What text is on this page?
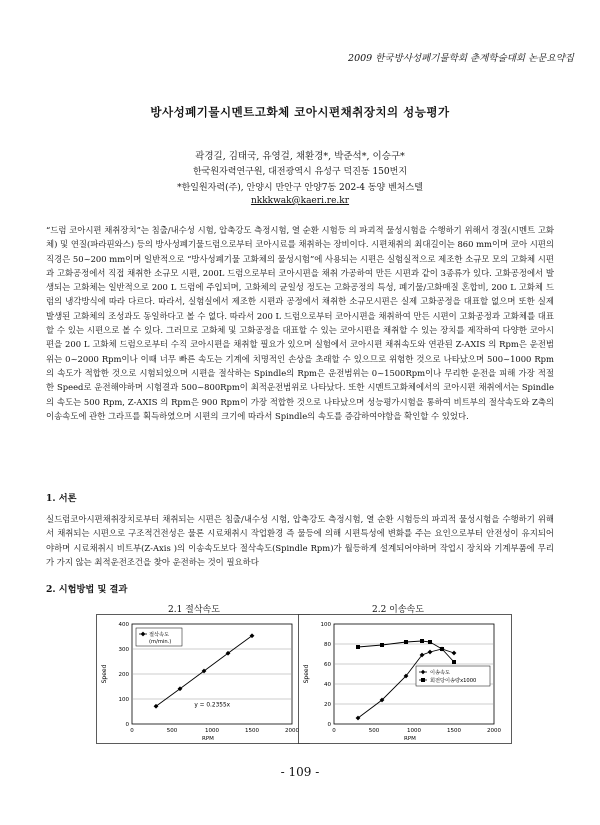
2009 한국방사성폐기물학회 춘계학술대회 논문요약집
방사성폐기물시멘트고화체 코아시편채취장치의 성능평가
곽경길, 김태국, 유영걸, 채환경*, 박준석*, 이승구*
한국원자력연구원, 대전광역시 유성구 덕진동 150번지
*한일원자력(주), 안양시 만안구 안양7동 202-4 동양 벤처스텔
nkkkwak@kaeri.re.kr

“드럼 코아시편 채취장치”는 침출/내수성 시험, 압축강도 측정시험, 열 순환 시험등 의 파괴적 물성시험을 수행하기 위해서 경질(시멘트 고화체) 및 연질(파라핀와스) 등의 방사성폐기물드럼으로부터 코아시료를 채취하는 장비이다. 시편채취의 최대길이는 860 mm이며 코아 시편의 직경은 50~200 mm이며 일반적으로 “방사성폐기물 고화체의 물성시험”에 사용되는 시편은 실험실적으로 제조한 소규모 모의 고화체 시편과 고화공정에서 직접 채취한 소규모 시편, 200L 드럼으로부터 코아시편을 채취 가공하여 만든 시편과 같이 3종류가 있다. 고화공정에서 발생되는 고화체는 일반적으로 200 L 드럼에 주입되며, 고화체의 균일성 정도는 고화공정의 특성, 폐기물/고화매질 혼합비, 200 L 고화체 드럼의 냉각방식에 따라 다르다. 따라서, 실험실에서 제조한 시편과 공정에서 채취한 소규모시편은 실제 고화공정을 대표할 없으며 또한 실제 발생된 고화체의 조성과도 동일하다고 볼 수 없다. 따라서 200 L 드럼으로부터 코아시편을 채취하여 만든 시편이 고화공정과 고화체를 대표할 수 있는 시편으로 볼 수 있다. 그러므로 고화체 및 고화공정을 대표할 수 있는 코아시편을 채취할 수 있는 장치를 제작하여 다양한 코아시편을 200 L 고화체 드럼으로부터 수직 코아시편을 채취할 필요가 있으며 실험에서 코아시편 채취속도와 연관된 Z-AXIS 의 Rpm은 운전범위는 0~2000 Rpm이나 이때 너무 빠른 속도는 기계에 치명적인 손상을 초래할 수 있으므로 위험한 것으로 나타났으며 500~1000 Rpm의 속도가 적합한 것으로 시험되었으며 시편을 절삭하는 Spindle의 Rpm은 운전범위는 0~1500Rpm이나 무리한 운전을 피해 가장 적절한 Speed로 운전해야하며 시험결과 500~800Rpm이 최적운전범위로 나타났다. 또한 시멘트고화체에서의 코아시편 채취에서는 Spindle의 속도는 500 Rpm, Z-AXIS 의 Rpm은 900 Rpm이 가장 적합한 것으로 나타났으며 성능평가시험을 통하여 비트부의 절삭속도와 Z축의 이송속도에 관한 그라프를 획득하였으며 시편의 크기에 따라서 Spindle의 속도를 증감하여야함을 확인할 수 있었다.

1. 서론

실드럼코아시편채취장치로부터 채취되는 시편은 침출/내수성 시험, 압축강도 측정시험, 열 순환 시험등의 파괴적 물성시험을 수행하기 위해서 채취되는 시편으로 구조적건전성은 물론 시료채취시 작업환경 즉 물등에 의해 시편특성에 변화를 주는 요인으로부터 안전성이 유지되어야하며 시료채취시 비트부(Z-Axis )의 이송속도보다 절삭속도(Spindle Rpm)가 월등하게 설계되어야하며 작업시 장치와 기계부품에 무리가 가지 않는 최적운전조건을 찾아 운전하는 것이 필요하다

2. 시험방법 및 결과
2.1 절삭속도	2.2 이송속도
0
100
200
300
400
0	500	1000	1500	2000
RPM
Speed
절삭속도
(m/min.)
y = 0.2355x
0
20
40
60
80
100
0	500	1000	1500	2000
RPM
Speed	이송속도
회전당이송량x1000
- 109 -
